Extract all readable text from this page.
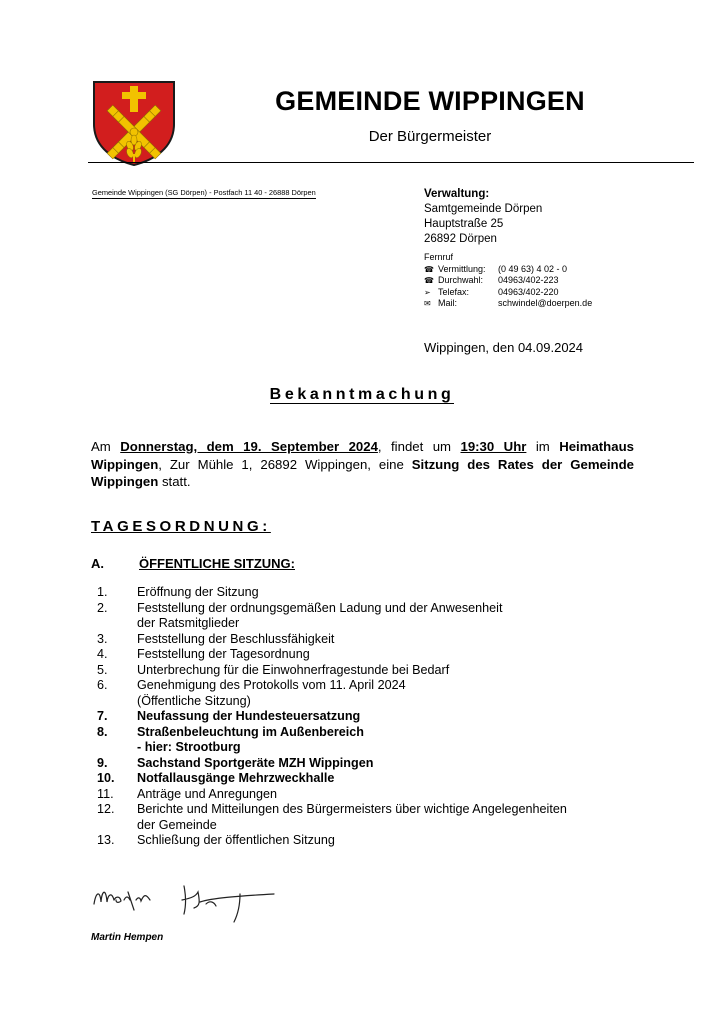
GEMEINDE WIPPINGEN
Der Bürgermeister
Gemeinde Wippingen (SG Dörpen) - Postfach 11 40 - 26888 Dörpen	Verwaltung:
Samtgemeinde Dörpen
Hauptstraße 25
26892 Dörpen
Fernruf
☎ Vermittlung:	(0 49 63) 4 02 - 0
☎ Durchwahl:	04963/402-223
➢ Telefax:	04963/402-220
✉ Mail:	schwindel@doerpen.de
Wippingen, den 04.09.2024
Bekanntmachung
Am Donnerstag, dem 19. September 2024, findet um 19:30 Uhr im Heimathaus Wippingen, Zur Mühle 1, 26892 Wippingen, eine Sitzung des Rates der Gemeinde Wippingen statt.
TAGESORDNUNG:
A.	ÖFFENTLICHE SITZUNG:
1.	Eröffnung der Sitzung
2.	Feststellung der ordnungsgemäßen Ladung und der Anwesenheit
der Ratsmitglieder
3.	Feststellung der Beschlussfähigkeit
4.	Feststellung der Tagesordnung
5.	Unterbrechung für die Einwohnerfragestunde bei Bedarf
6.	Genehmigung des Protokolls vom 11. April 2024
(Öffentliche Sitzung)
7.	Neufassung der Hundesteuersatzung
8.	Straßenbeleuchtung im Außenbereich
- hier: Strootburg
9.	Sachstand Sportgeräte MZH Wippingen
10.	Notfallausgänge Mehrzweckhalle
11.	Anträge und Anregungen
12.	Berichte und Mitteilungen des Bürgermeisters über wichtige Angelegenheiten
der Gemeinde
13.	Schließung der öffentlichen Sitzung
Martin Hempen
